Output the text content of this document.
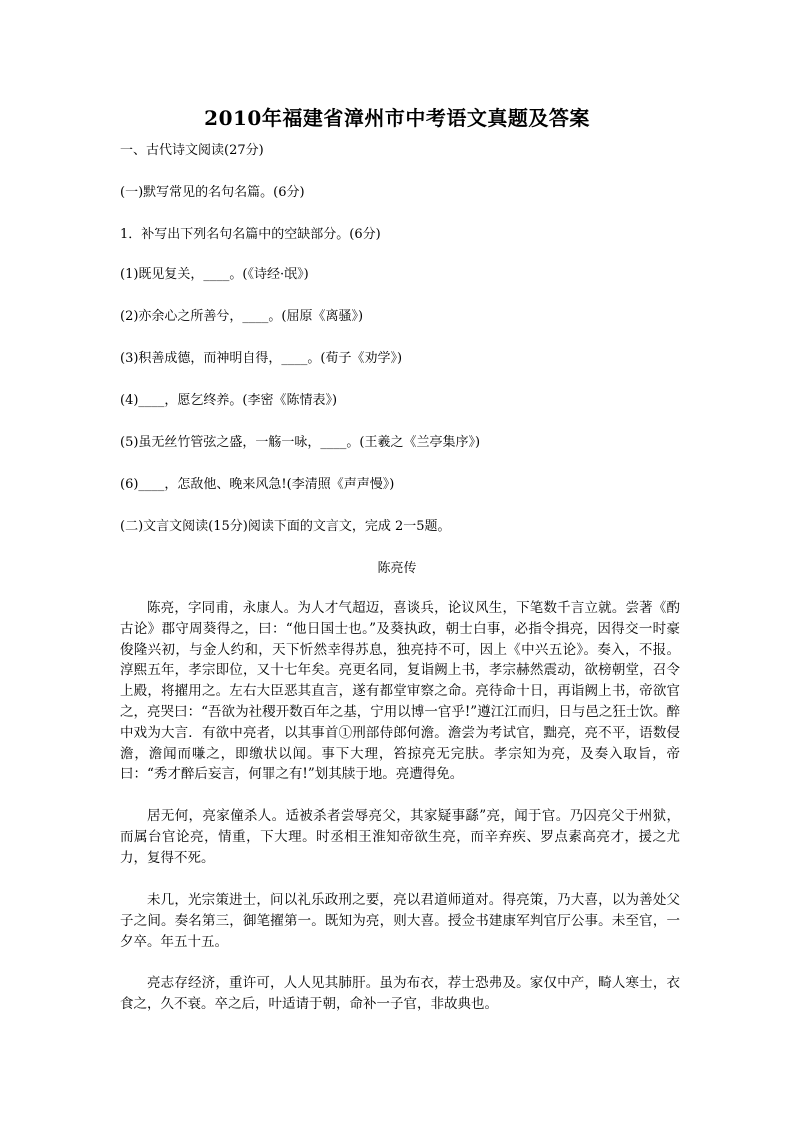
2010年福建省漳州市中考语文真题及答案
一、古代诗文阅读(27分)
(一)默写常见的名句名篇。(6分)
1．补写出下列名句名篇中的空缺部分。(6分)
(1)既见复关，____。(《诗经·氓》)
(2)亦余心之所善兮，____。(屈原《离骚》)
(3)积善成德，而神明自得，____。(荀子《劝学》)
(4)____，愿乞终养。(李密《陈情表》)
(5)虽无丝竹管弦之盛，一觞一咏，____。(王羲之《兰亭集序》)
(6)____，怎敌他、晚来风急!(李清照《声声慢》)
(二)文言文阅读(15分)阅读下面的文言文，完成 2一5题。
陈亮传
陈亮，字同甫，永康人。为人才气超迈，喜谈兵，论议风生，下笔数千言立就。尝著《酌古论》郡守周葵得之，曰：“他日国士也。”及葵执政，朝士白事，必指令揖亮，因得交一时豪俊隆兴初，与金人约和，天下忻然幸得苏息，独亮持不可，因上《中兴五论》。奏入，不报。淳熙五年，孝宗即位，又十七年矣。亮更名同，复诣阙上书，孝宗赫然震动，欲榜朝堂，召令上殿，将擢用之。左右大臣恶其直言，遂有都堂审察之命。亮待命十日，再诣阙上书，帝欲官之，亮哭曰：“吾欲为社稷开数百年之基，宁用以博一官乎!”遵江江而归，日与邑之狂士饮。醉中戏为大言．有欲中亮者，以其事首①刑部侍郎何澹。澹尝为考试官，黜亮，亮不平，语数侵澹，澹闻而嗛之，即缴状以闻。事下大理，笞掠亮无完肤。孝宗知为亮，及奏入取旨，帝曰：“秀才醉后妄言，何罪之有!”划其牍于地。亮遭得免。
居无何，亮家僮杀人。适被杀者尝辱亮父，其家疑事繇”亮，闻于官。乃囚亮父于州狱，而属台官论亮，情重，下大理。时丞相王淮知帝欲生亮，而辛弃疾、罗点素高亮才，援之尤力，复得不死。
未几，光宗策进士，问以礼乐政刑之要，亮以君道师道对。得亮策，乃大喜，以为善处父子之间。奏名第三，御笔擢第一。既知为亮，则大喜。授佥书建康军判官厅公事。未至官，一夕卒。年五十五。
亮志存经济，重许可，人人见其肺肝。虽为布衣，荐士恐弗及。家仅中产，畸人寒士，衣食之，久不衰。卒之后，叶适请于朝，命补一子官，非故典也。
